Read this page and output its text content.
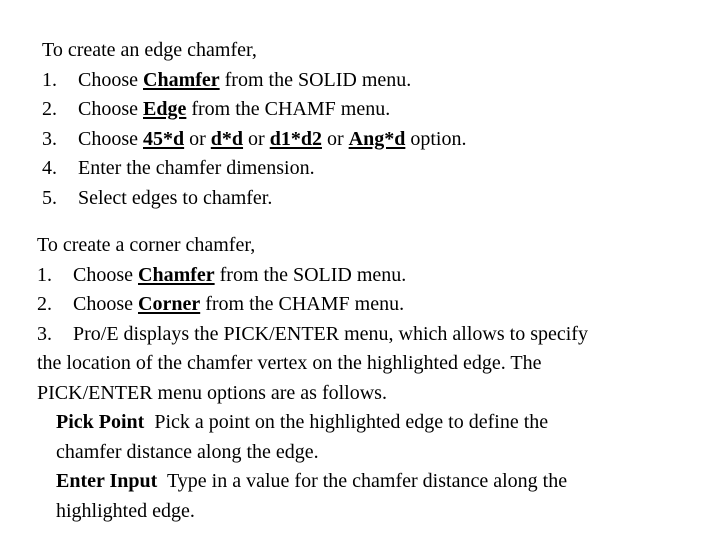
To create an edge chamfer,
1. Choose Chamfer from the SOLID menu.
2. Choose Edge from the CHAMF menu.
3. Choose 45*d or d*d or d1*d2 or Ang*d option.
4. Enter the chamfer dimension.
5. Select edges to chamfer.
To create a corner chamfer,
1. Choose Chamfer from the SOLID menu.
2. Choose Corner from the CHAMF menu.
3. Pro/E displays the PICK/ENTER menu, which allows to specify
the location of the chamfer vertex on the highlighted edge. The
PICK/ENTER menu options are as follows.
Pick Point  Pick a point on the highlighted edge to define the
chamfer distance along the edge.
Enter Input  Type in a value for the chamfer distance along the
highlighted edge.
